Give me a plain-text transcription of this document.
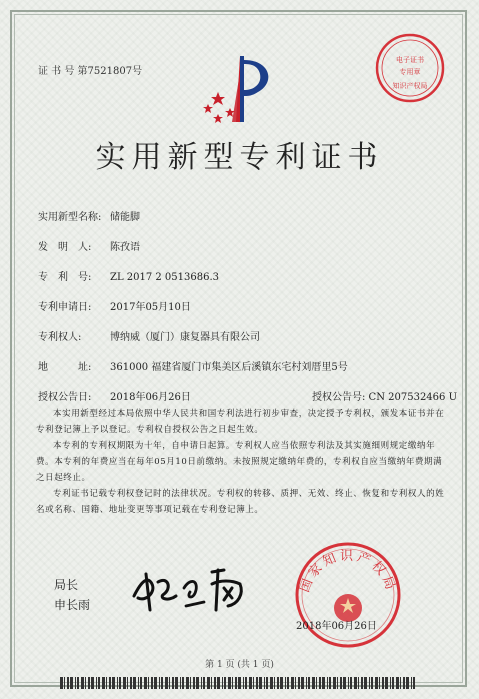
证 书 号 第7521807号
电子证书
专用章
知识产权局
实用新型专利证书
实用新型名称: 储能脚
发　明　人: 陈孜语
专　利　号: ZL 2017 2 0513686.3
专利申请日: 2017年05月10日
专利权人:	博纳威（厦门）康复器具有限公司
地　　　址: 361000 福建省厦门市集美区后溪镇东宅村刘厝里5号
授权公告日: 2018年06月26日	授权公告号: CN 207532466 U
本实用新型经过本局依照中华人民共和国专利法进行初步审查，决定授予专利权，颁发本证书并在专利登记簿上予以登记。专利权自授权公告之日起生效。
本专利的专利权期限为十年，自申请日起算。专利权人应当依照专利法及其实施细则规定缴纳年费。本专利的年费应当在每年05月10日前缴纳。未按照规定缴纳年费的，专利权自应当缴纳年费期满之日起终止。
专利证书记载专利权登记时的法律状况。专利权的转移、质押、无效、终止、恢复和专利权人的姓名或名称、国籍、地址变更等事项记载在专利登记簿上。
局长
申长雨
国家知识产权局
2018年06月26日
第 1 页 (共 1 页)
